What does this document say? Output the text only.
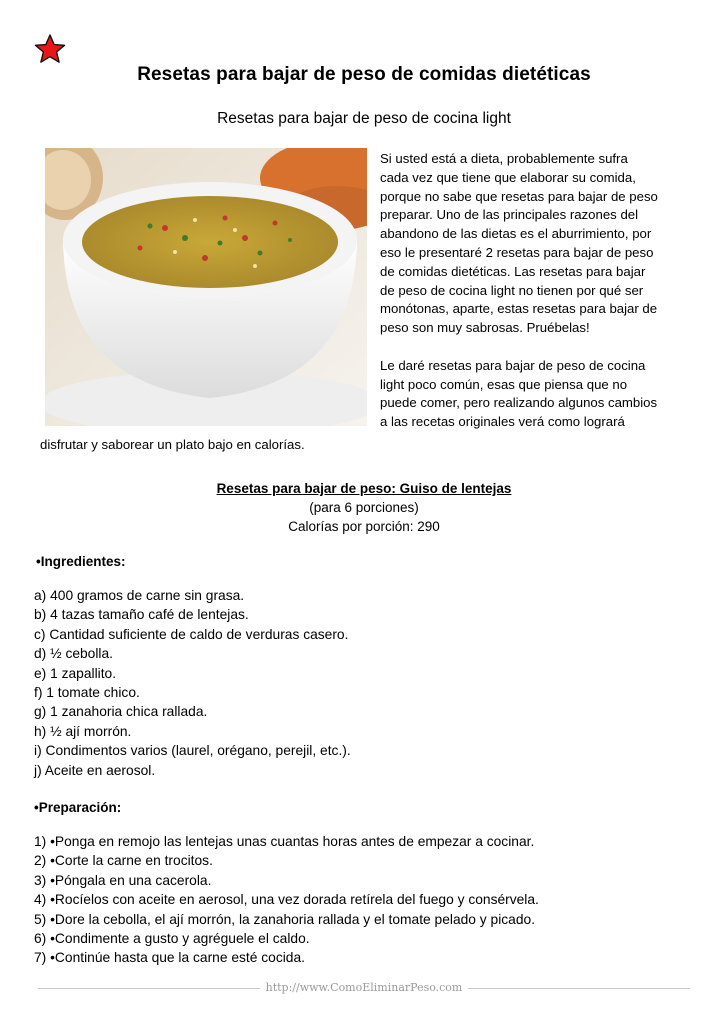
Resetas para bajar de peso de comidas dietéticas
Resetas para bajar de peso de cocina light

Si usted está a dieta, probablemente sufra
cada vez que tiene que elaborar su comida,
porque no sabe que resetas para bajar de peso
preparar. Uno de las principales razones del
abandono de las dietas es el aburrimiento, por
eso le presentaré 2 resetas para bajar de peso
de comidas dietéticas. Las resetas para bajar
de peso de cocina light no tienen por qué ser
monótonas, aparte, estas resetas para bajar de
peso son muy sabrosas. Pruébelas!

Le daré resetas para bajar de peso de cocina
light poco común, esas que piensa que no
puede comer, pero realizando algunos cambios
a las recetas originales verá como logrará

disfrutar y saborear un plato bajo en calorías.
Resetas para bajar de peso: Guiso de lentejas
(para 6 porciones)
Calorías por porción: 290
•Ingredientes:
a) 400 gramos de carne sin grasa.
b) 4 tazas tamaño café de lentejas.
c) Cantidad suficiente de caldo de verduras casero.
d) ½ cebolla.
e) 1 zapallito.
f) 1 tomate chico.
g) 1 zanahoria chica rallada.
h) ½ ají morrón.
i) Condimentos varios (laurel, orégano, perejil, etc.).
j) Aceite en aerosol.
•Preparación:
1) •Ponga en remojo las lentejas unas cuantas horas antes de empezar a cocinar.
2) •Corte la carne en trocitos.
3) •Póngala en una cacerola.
4) •Rocíelos con aceite en aerosol, una vez dorada retírela del fuego y consérvela.
5) •Dore la cebolla, el ají morrón, la zanahoria rallada y el tomate pelado y picado.
6) •Condimente a gusto y agréguele el caldo.
7) •Continúe hasta que la carne esté cocida.
http://www.ComoEliminarPeso.com
